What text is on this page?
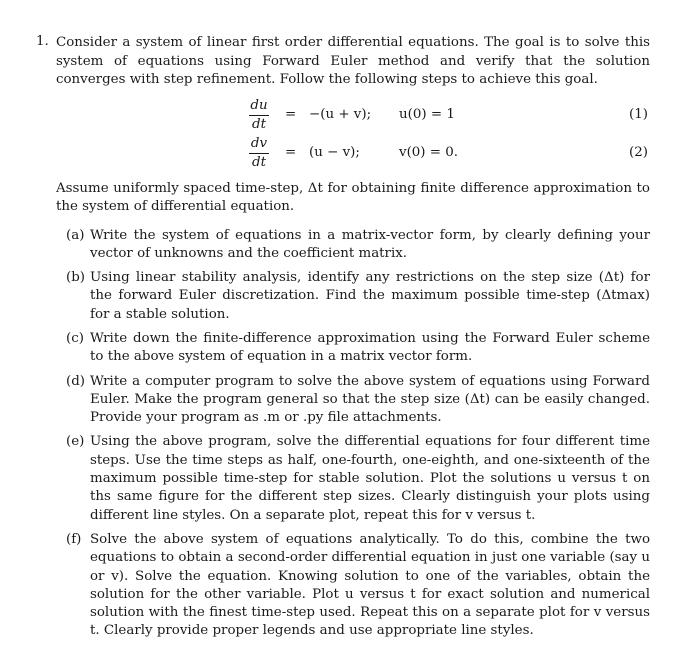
1. Consider a system of linear first order differential equations. The goal is to solve this system of equations using Forward Euler method and verify that the solution converges with step refinement. Follow the following steps to achieve this goal.

$\frac{du}{dt} = -(u + v)$; u(0) = 1	(1)
$\frac{dv}{dt} = (u - v)$;	v(0) = 0.	(2)

Assume uniformly spaced time-step, Δt for obtaining finite difference approximation to the system of differential equation.

(a) Write the system of equations in a matrix-vector form, by clearly defining your vector of unknowns and the coefficient matrix.
(b) Using linear stability analysis, identify any restrictions on the step size (Δt) for the forward Euler discretization. Find the maximum possible time-step (Δtmax) for a stable solution.
(c) Write down the finite-difference approximation using the Forward Euler scheme to the above system of equation in a matrix vector form.
(d) Write a computer program to solve the above system of equations using Forward Euler. Make the program general so that the step size (Δt) can be easily changed. Provide your program as .m or .py file attachments.
(e) Using the above program, solve the differential equations for four different time steps. Use the time steps as half, one-fourth, one-eighth, and one-sixteenth of the maximum possible time-step for stable solution. Plot the solutions u versus t on ths same figure for the different step sizes. Clearly distinguish your plots using different line styles. On a separate plot, repeat this for v versus t.
(f) Solve the above system of equations analytically. To do this, combine the two equations to obtain a second-order differential equation in just one variable (say u or v). Solve the equation. Knowing solution to one of the variables, obtain the solution for the other variable. Plot u versus t for exact solution and numerical solution with the finest time-step used. Repeat this on a separate plot for v versus t. Clearly provide proper legends and use appropriate line styles.
